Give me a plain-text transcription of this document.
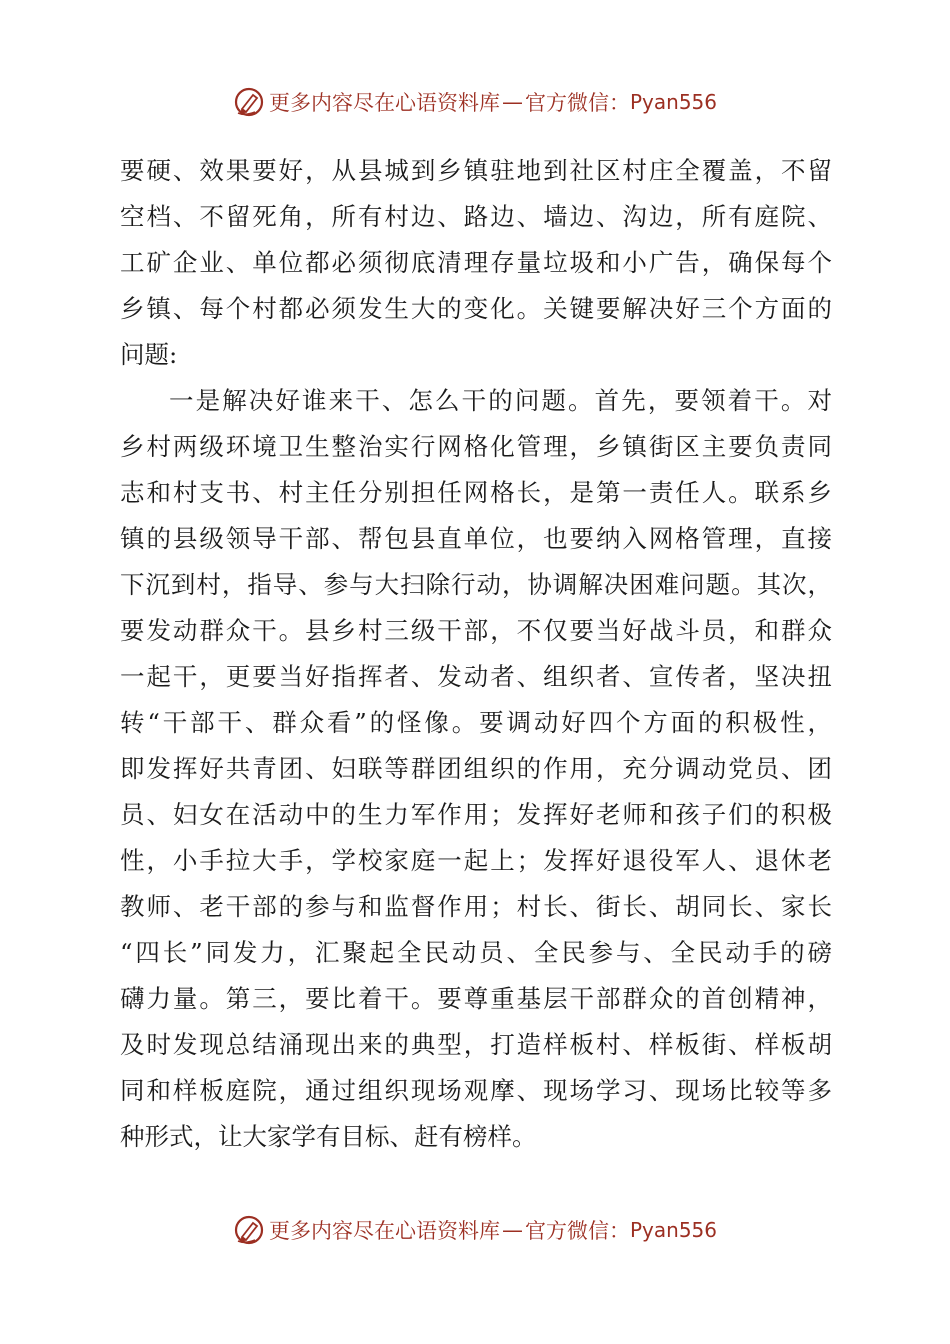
更多内容尽在心语资料库 — 官方微信： Pyan556
要硬、效果要好，从县城到乡镇驻地到社区村庄全覆盖，不留
空档、不留死角，所有村边、路边、墙边、沟边，所有庭院、
工矿企业、单位都必须彻底清理存量垃圾和小广告，确保每个
乡镇、每个村都必须发生大的变化。关键要解决好三个方面的
问题:
一是解决好谁来干、怎么干的问题。首先，要领着干。对
乡村两级环境卫生整治实行网格化管理，乡镇街区主要负责同
志和村支书、村主任分别担任网格长，是第一责任人。联系乡
镇的县级领导干部、帮包县直单位，也要纳入网格管理，直接
下沉到村，指导、参与大扫除行动，协调解决困难问题。其次，
要发动群众干。县乡村三级干部，不仅要当好战斗员，和群众
一起干，更要当好指挥者、发动者、组织者、宣传者，坚决扭
转“干部干、群众看”的怪像。要调动好四个方面的积极性，
即发挥好共青团、妇联等群团组织的作用，充分调动党员、团
员、妇女在活动中的生力军作用；发挥好老师和孩子们的积极
性，小手拉大手，学校家庭一起上；发挥好退役军人、退休老
教师、老干部的参与和监督作用；村长、街长、胡同长、家长
“四长”同发力，汇聚起全民动员、全民参与、全民动手的磅
礴力量。第三，要比着干。要尊重基层干部群众的首创精神，
及时发现总结涌现出来的典型，打造样板村、样板街、样板胡
同和样板庭院，通过组织现场观摩、现场学习、现场比较等多
种形式，让大家学有目标、赶有榜样。
更多内容尽在心语资料库 — 官方微信： Pyan556
